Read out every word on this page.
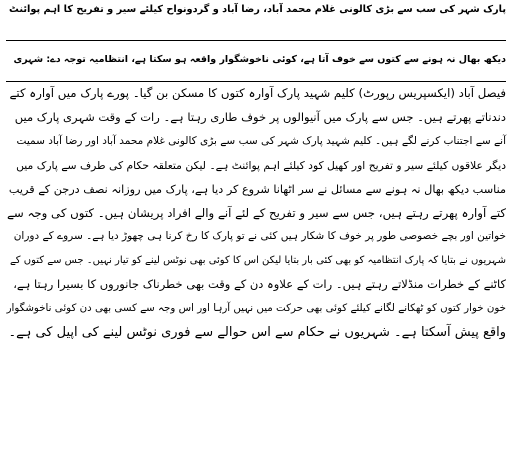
پارک شہر کی سب سے بڑی کالونی غلام محمد آباد، رضا آباد و گردونواح کیلئے سیر و تفریح کا اہم پوائنٹ
دیکھ بھال نہ ہونے سے کتوں سے خوف آتا ہے، کوئی ناخوشگوار واقعہ ہو سکتا ہے، انتظامیہ توجہ دے: شہری
فیصل آباد (ایکسپریس رپورٹ) کلیم شہید پارک آوارہ کتوں کا مسکن بن گیا۔ پورے پارک میں آوارہ کتے
دندناتے پھرتے ہیں۔ جس سے پارک میں آنیوالوں پر خوف طاری رہتا ہے۔ رات کے وقت شہری پارک میں
آنے سے اجتناب کرنے لگے ہیں۔ کلیم شہید پارک شہر کی سب سے بڑی کالونی غلام محمد آباد اور رضا آباد سمیت
دیگر علاقوں کیلئے سیر و تفریح اور کھیل کود کیلئے اہم پوائنٹ ہے۔ لیکن متعلقہ حکام کی طرف سے پارک میں
مناسب دیکھ بھال نہ ہونے سے مسائل نے سر اٹھانا شروع کر دیا ہے، پارک میں روزانہ نصف درجن کے قریب
کتے آوارہ پھرتے رہتے ہیں، جس سے سیر و تفریح کے لئے آنے والے افراد پریشان ہیں۔ کتوں کی وجہ سے
خواتین اور بچے خصوصی طور پر خوف کا شکار ہیں کئی نے تو پارک کا رخ کرنا ہی چھوڑ دیا ہے۔ سروے کے دوران
شہریوں نے بتایا کہ پارک انتظامیہ کو بھی کئی بار بتایا لیکن اس کا کوئی بھی نوٹس لینے کو تیار نہیں۔ جس سے کتوں کے
کاٹنے کے خطرات منڈلاتے رہتے ہیں۔ رات کے علاوہ دن کے وقت بھی خطرناک جانوروں کا بسیرا رہتا ہے،
خون خوار کتوں کو ٹھکانے لگانے کیلئے کوئی بھی حرکت میں نہیں آرہا اور اس وجہ سے کسی بھی دن کوئی ناخوشگوار
واقع پیش آسکتا ہے۔ شہریوں نے حکام سے اس حوالے سے فوری نوٹس لینے کی اپیل کی ہے۔
